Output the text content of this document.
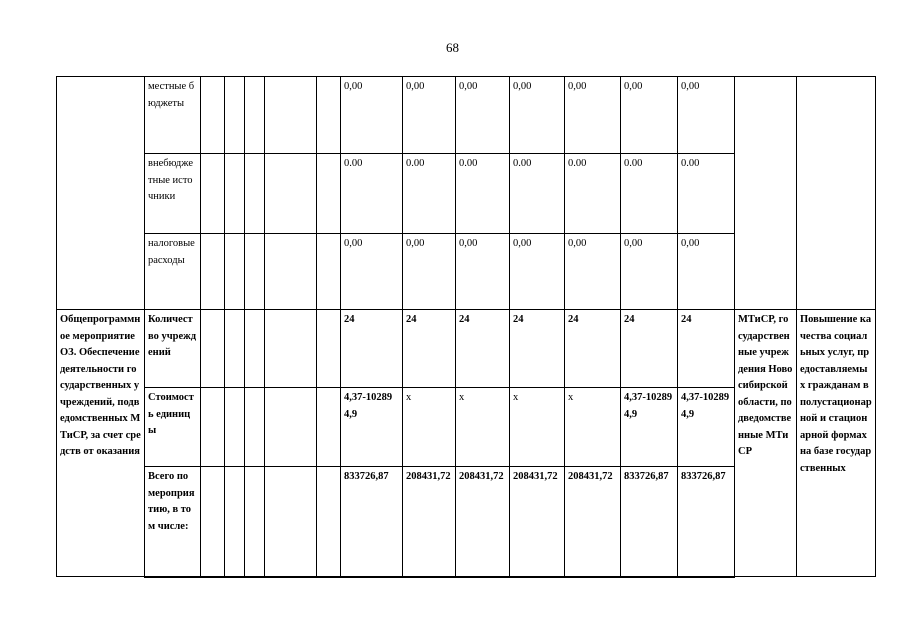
68
	местные бюджеты						0,00	0,00	0,00	0,00	0,00	0,00	0,00		
	внебюджетные источники						0.00	0.00	0.00	0.00	0.00	0.00	0.00		
	налоговые расходы						0,00	0,00	0,00	0,00	0,00	0,00	0,00		
Общепрограммное мероприятие ОЗ. Обеспечение деятельности государственных учреждений, подведомственных МТиСР, за счет средств от оказания	Количество учреждений						24	24	24	24	24	24	24	МТиСР, государственные учреждения Новосибирской области, подведомственные МТиСР	Повышение качества социальных услуг, предоставляемых гражданам в полустационарной и стационарной формах на базе государственных
	Стоимость единицы						4,37-102894,9	x	x	x	x	4,37-102894,9	4,37-102894,9		
	Всего по мероприятию, в том числе:						833726,87	208431,72	208431,72	208431,72	208431,72	833726,87	833726,87		
